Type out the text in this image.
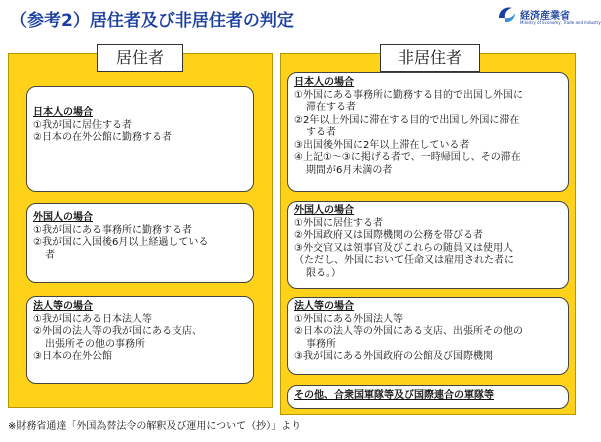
（参考2）居住者及び非居住者の判定	経済産業省
Ministry of Economy, Trade and Industry
居住者
日本人の場合
①我が国に居住する者
②日本の在外公館に勤務する者
外国人の場合
①我が国にある事務所に勤務する者
②我が国に入国後6月以上経過している
者
法人等の場合
①我が国にある日本法人等
②外国の法人等の我が国にある支店、
出張所その他の事務所
③日本の在外公館
非居住者
日本人の場合
①外国にある事務所に勤務する目的で出国し外国に
滞在する者
②2年以上外国に滞在する目的で出国し外国に滞在
する者
③出国後外国に2年以上滞在している者
④上記①～③に掲げる者で、一時帰国し、その滞在
期間が6月未満の者
外国人の場合
①外国に居住する者
②外国政府又は国際機関の公務を帯びる者
③外交官又は領事官及びこれらの随員又は使用人
（ただし、外国において任命又は雇用された者に
限る。）
法人等の場合
①外国にある外国法人等
②日本の法人等の外国にある支店、出張所その他の
事務所
③我が国にある外国政府の公館及び国際機関
その他、合衆国軍隊等及び国際連合の軍隊等
※財務省通達「外国為替法令の解釈及び運用について（抄）」より
